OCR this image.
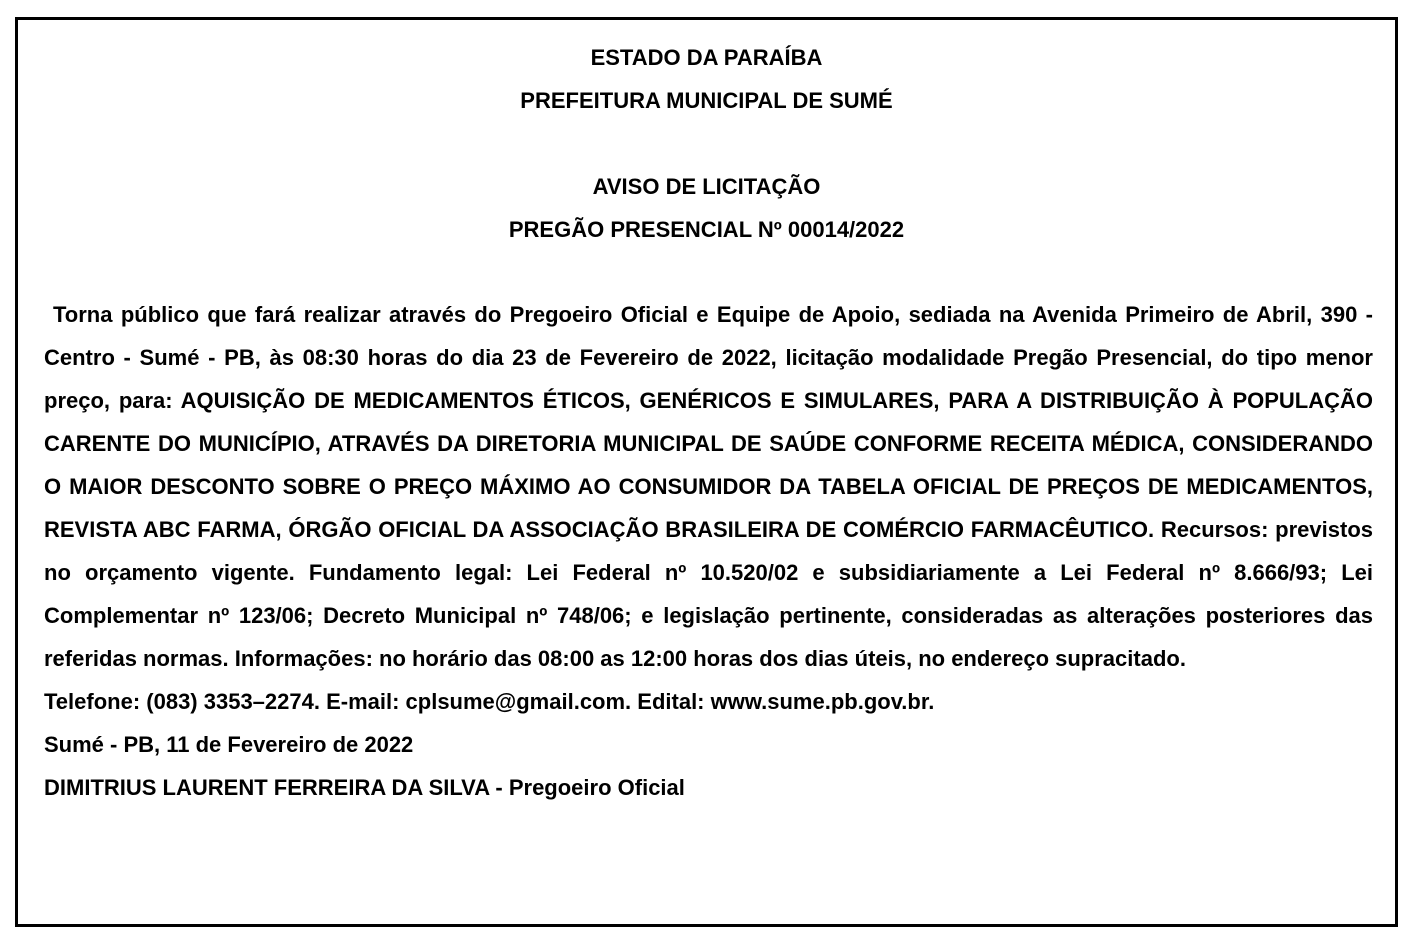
ESTADO DA PARAÍBA
PREFEITURA MUNICIPAL DE SUMÉ
AVISO DE LICITAÇÃO
PREGÃO PRESENCIAL Nº 00014/2022

Torna público que fará realizar através do Pregoeiro Oficial e Equipe de Apoio, sediada na Avenida Primeiro de Abril, 390 - Centro - Sumé - PB, às 08:30 horas do dia 23 de Fevereiro de 2022, licitação modalidade Pregão Presencial, do tipo menor preço, para: AQUISIÇÃO DE MEDICAMENTOS ÉTICOS, GENÉRICOS E SIMULARES, PARA A DISTRIBUIÇÃO À POPULAÇÃO CARENTE DO MUNICÍPIO, ATRAVÉS DA DIRETORIA MUNICIPAL DE SAÚDE CONFORME RECEITA MÉDICA, CONSIDERANDO O MAIOR DESCONTO SOBRE O PREÇO MÁXIMO AO CONSUMIDOR DA TABELA OFICIAL DE PREÇOS DE MEDICAMENTOS, REVISTA ABC FARMA, ÓRGÃO OFICIAL DA ASSOCIAÇÃO BRASILEIRA DE COMÉRCIO FARMACÊUTICO. Recursos: previstos no orçamento vigente. Fundamento legal: Lei Federal nº 10.520/02 e subsidiariamente a Lei Federal nº 8.666/93; Lei Complementar nº 123/06; Decreto Municipal nº 748/06; e legislação pertinente, consideradas as alterações posteriores das referidas normas. Informações: no horário das 08:00 as 12:00 horas dos dias úteis, no endereço supracitado.

Telefone: (083) 3353–2274. E-mail: cplsume@gmail.com. Edital: www.sume.pb.gov.br.
Sumé - PB, 11 de Fevereiro de 2022
DIMITRIUS LAURENT FERREIRA DA SILVA - Pregoeiro Oficial
